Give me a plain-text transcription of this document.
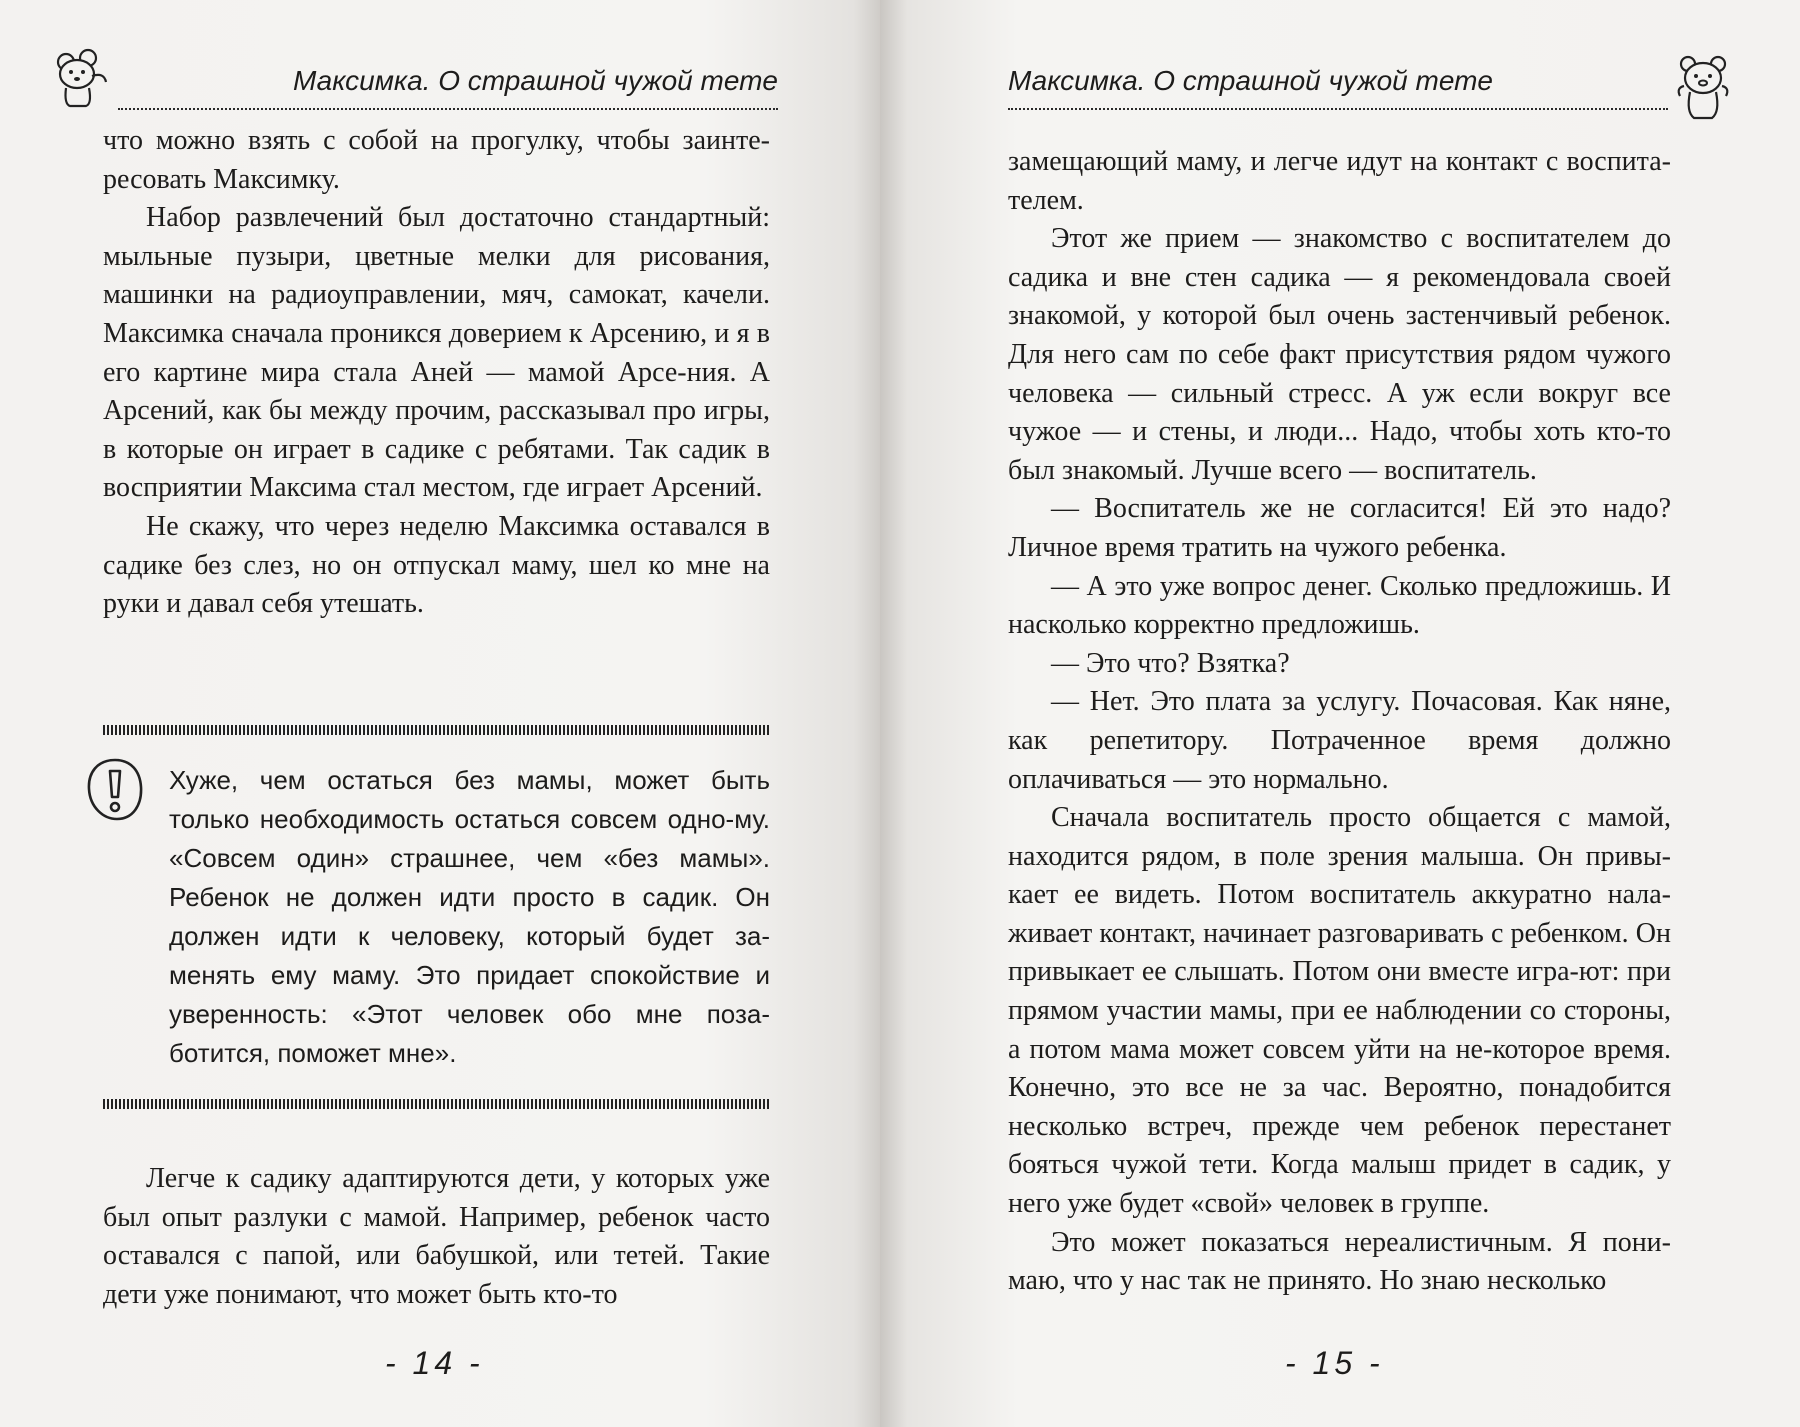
Максимка. О страшной чужой тете

что можно взять с собой на прогулку, чтобы заинте-ресовать Максимку.

Набор развлечений был достаточно стандартный: мыльные пузыри, цветные мелки для рисования, машинки на радиоуправлении, мяч, самокат, качели. Максимка сначала проникся доверием к Арсению, и я в его картине мира стала Аней — мамой Арсе-ния. А Арсений, как бы между прочим, рассказывал про игры, в которые он играет в садике с ребятами. Так садик в восприятии Максима стал местом, где играет Арсений.

Не скажу, что через неделю Максимка оставался в садике без слез, но он отпускал маму, шел ко мне на руки и давал себя утешать.

Хуже, чем остаться без мамы, может быть только необходимость остаться совсем одно-му. «Совсем один» страшнее, чем «без мамы». Ребенок не должен идти просто в садик. Он должен идти к человеку, который будет за-менять ему маму. Это придает спокойствие и уверенность: «Этот человек обо мне поза-ботится, поможет мне».

Легче к садику адаптируются дети, у которых уже был опыт разлуки с мамой. Например, ребенок часто оставался с папой, или бабушкой, или тетей. Такие дети уже понимают, что может быть кто-то

- 14 -
Максимка. О страшной чужой тете

замещающий маму, и легче идут на контакт с воспита-телем.

Этот же прием — знакомство с воспитателем до садика и вне стен садика — я рекомендовала своей знакомой, у которой был очень застенчивый ребенок. Для него сам по себе факт присутствия рядом чужого человека — сильный стресс. А уж если вокруг все чужое — и стены, и люди... Надо, чтобы хоть кто-то был знакомый. Лучше всего — воспитатель.

— Воспитатель же не согласится! Ей это надо? Личное время тратить на чужого ребенка.

— А это уже вопрос денег. Сколько предложишь. И насколько корректно предложишь.

— Это что? Взятка?

— Нет. Это плата за услугу. Почасовая. Как няне, как репетитору. Потраченное время должно оплачиваться — это нормально.

Сначала воспитатель просто общается с мамой, находится рядом, в поле зрения малыша. Он привы-кает ее видеть. Потом воспитатель аккуратно нала-живает контакт, начинает разговаривать с ребенком. Он привыкает ее слышать. Потом они вместе игра-ют: при прямом участии мамы, при ее наблюдении со стороны, а потом мама может совсем уйти на не-которое время. Конечно, это все не за час. Вероятно, понадобится несколько встреч, прежде чем ребенок перестанет бояться чужой тети. Когда малыш придет в садик, у него уже будет «свой» человек в группе.

Это может показаться нереалистичным. Я пони-маю, что у нас так не принято. Но знаю несколько

- 15 -
